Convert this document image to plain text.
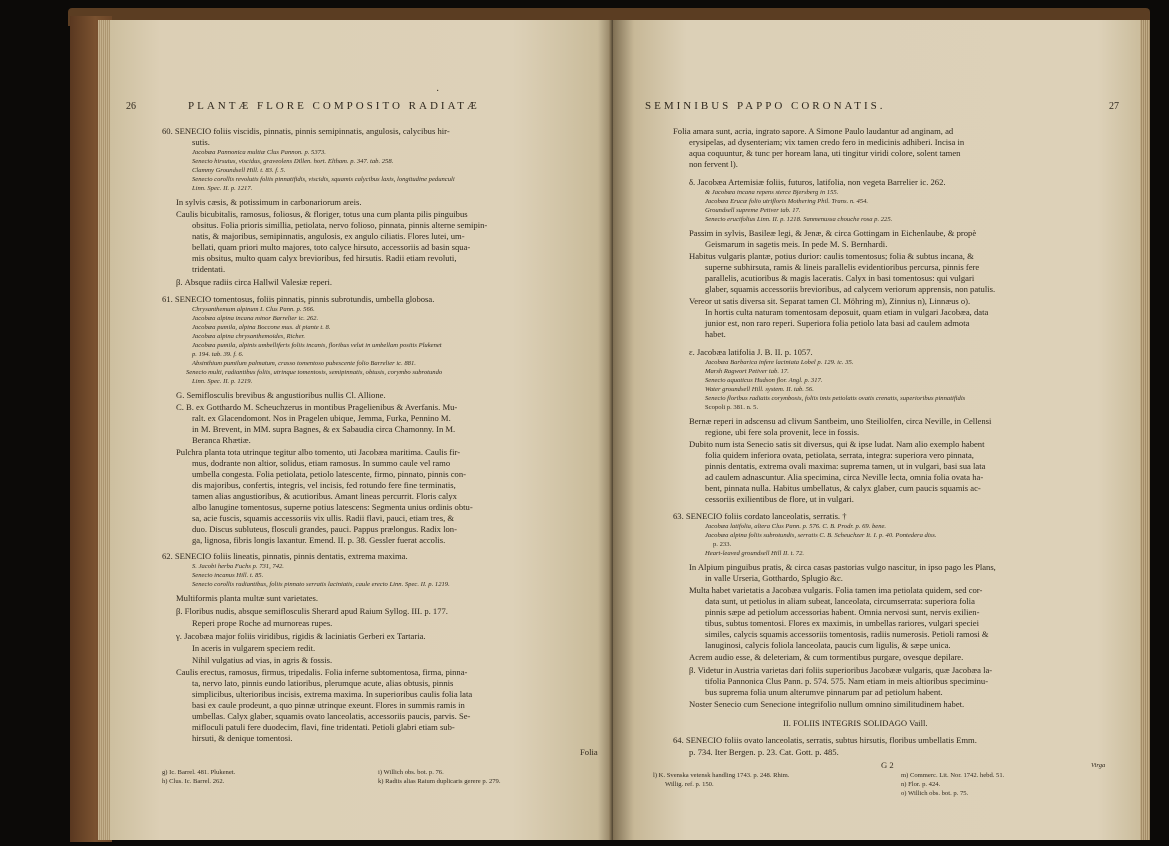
26	PLANTÆ FLORE COMPOSITO RADIATÆ
·
60. SENECIO foliis viscidis, pinnatis, pinnis semipinnatis, angulosis, calycibus hir-
sutis.
Jacobæa Pannonica multiæ Clus Pannon. p. 5373.
Senecio hirsutus, viscidus, graveolens Dillen. hort. Eltham. p. 347. tab. 258.
Clammy Groundsell Hill. t. 83. f. 5.
Senecio corollis revolutis foliis pinnatifidis, viscidis, squamis calycibus laxis, longitudine pedunculi
Linn. Spec. II. p. 1217.
In sylvis cæsis, & potissimum in carbonariorum areis.
Caulis bicubitalis, ramosus, foliosus, & floriger, totus una cum planta pilis pinguibus
obsitus. Folia prioris simillia, petiolata, nervo folioso, pinnata, pinnis alterne semipin-
natis, & majoribus, semipinnatis, angulosis, ex angulo ciliatis. Flores lutei, um-
bellati, quam priori multo majores, toto calyce hirsuto, accessoriis ad basin squa-
mis obsitus, multo quam calyx brevioribus, fed hirsutis. Radii etiam revoluti,
tridentati.
β. Absque radiis circa Hallwil Valesiæ reperi.
61. SENECIO tomentosus, foliis pinnatis, pinnis subrotundis, umbella globosa.
Chrysanthemum alpinum I. Clus Pann. p. 566.
Jacobæa alpina incana minor Barrelier ic. 262.
Jacobæa pumila, alpina Boccone mus. di piante t. 8.
Jacobæa alpina chrysanthemoides, Richer.
Jacobæa pumila, alpinis umbelliferis foliis incanis, floribus velut in umbellam positis Plukenet
p. 194. tab. 39. f. 6.
Absinthium pumilum palmatum, crasso tomentoso pubescente folio Barrelier ic. 881.
Senecio multi, radiantibus foliis, utrinque tomentosis, semipinnatis, obtusis, corymbo subrotundo
Linn. Spec. II. p. 1219.
G. Semiflosculis brevibus & angustioribus nullis Cl. Allione.
C. B. ex Gotthardo M. Scheuchzerus in montibus Pragelienibus & Averfanis. Mu-
ralt. ex Glacendomont. Nos in Pragelen ubique, Jemma, Furka, Pennino M.
in M. Brevent, in MM. supra Bagnes, & ex Sabaudia circa Chamonny. In M.
Beranca Rhætiæ.
Pulchra planta tota utrinque tegitur albo tomento, uti Jacobæa maritima. Caulis fir-
mus, dodrante non altior, solidus, etiam ramosus. In summo caule vel ramo
umbella congesta. Folia petiolata, petiolo latescente, firmo, pinnato, pinnis con-
dis majoribus, confertis, integris, vel incisis, fed rotundo fere fine terminatis,
tamen alias angustioribus, & acutioribus. Amant lineas percurrit. Floris calyx
albo lanugine tomentosus, superne potius latescens: Segmenta unius ordinis obtu-
sa, acie fuscis, squamis accessoriis vix ullis. Radii flavi, pauci, etiam tres, &
duo. Discus subluteus, flosculi grandes, pauci. Pappus prælongus. Radix lon-
ga, lignosa, fibris longis laxantur. Emend. II. p. 38. Gessler fuerat accolis.
62. SENECIO foliis lineatis, pinnatis, pinnis dentatis, extrema maxima.
S. Jacobi herba Fuchs p. 731, 742.
Senecio incanus Hill. t. 85.
Senecio corollis radiantibus, foliis pinnato serratis laciniatis, caule erecto Linn. Spec. II. p. 1219.
Multiformis planta multæ sunt varietates.
β. Floribus nudis, absque semiflosculis Sherard apud Raium Syllog. III. p. 177.
Reperi prope Roche ad murnoreas rupes.
γ. Jacobæa major foliis viridibus, rigidis & laciniatis Gerberi ex Tartaria.
In aceris in vulgarem speciem redit.
Nihil vulgatius ad vias, in agris & fossis.
Caulis erectus, ramosus, firmus, tripedalis. Folia inferne subtomentosa, firma, pinna-
ta, nervo lato, pinnis eundo latioribus, plerumque acute, alias obtusis, pinnis
simplicibus, ulterioribus incisis, extrema maxima. In superioribus caulis folia lata
basi ex caule prodeunt, a quo pinnæ utrinque exeunt. Flores in summis ramis in
umbellas. Calyx glaber, squamis ovato lanceolatis, accessoriis paucis, parvis. Se-
mifloculi patuli fere duodecim, flavi, fine tridentati. Petioli glabri etiam sub-
hirsuti, & denique tomentosi.
Folia
g) Ic. Barrel. 481. Plukenet.
h) Clus. Ic. Barrel. 262.
i) Willich obs. bot. p. 76.
k) Radiis alias Raium duplicaris gerere p. 279.
SEMINIBUS PAPPO CORONATIS.	27
Folia amara sunt, acria, ingrato sapore. A Simone Paulo laudantur ad anginam, ad
erysipelas, ad dysenteriam; vix tamen credo fero in medicinis adhiberi. Incisa in
aqua coquuntur, & tunc per hoream lana, uti tingitur viridi colore, solent tamen
non fervent l).
δ. Jacobæa Artemisiæ foliis, futuros, latifolia, non vegeta Barrelier ic. 262.
& Jacobæa incana repens sterce Bjersberg in 155.
Jacobæa Erucæ folio utrifloris Mothering Phil. Trans. n. 454.
Groundsell supreme Petiver tab. 17.
Senecio erucifolius Linn. II. p. 1218. Sanmenussa chouche rosa p. 225.
Passim in sylvis, Basileæ legi, & Jenæ, & circa Gottingam in Eichenlaube, & propè
Geismarum in sagetis meis. In pede M. S. Bernhardi.
Habitus vulgaris plantæ, potius durior: caulis tomentosus; folia & subtus incana, &
superne subhirsuta, ramis & lineis parallelis evidentioribus percursa, pinnis fere
parallelis, acutioribus & magis laceratis. Calyx in basi tomentosus: qui vulgari
glaber, squamis accessoriis brevioribus, ad calycem veriorum apprensis, non patulis.
Vereor ut satis diversa sit. Separat tamen Cl. Möhring m), Zinnius n), Linnæus o).
In hortis culta naturam tomentosam deposuit, quam etiam in vulgari Jacobæa, data
junior est, non raro reperi. Superiora folia petiolo lata basi ad caulem admota
habet.
ε. Jacobæa latifolia J. B. II. p. 1057.
Jacobæa Barbarica infere laciniata Lobel p. 129. ic. 35.
Marsh Ragwort Petiver tab. 17.
Senecio aquaticus Hudson flor. Angl. p. 317.
Water groundsell Hill. system. II. tab. 56.
Senecio floribus radiatis corymbosis, foliis imis petiolatis ovatis crenatis, superioribus pinnatifidis
Scopoli p. 381. n. 5.
Bernæ reperi in adscensu ad clivum Santbeim, uno Steiliolfen, circa Neville, in Cellensi
regione, ubi fere sola provenit, lece in fossis.
Dubito num ista Senecio satis sit diversus, qui & ipse ludat. Nam alio exemplo habent
folia quidem inferiora ovata, petiolata, serrata, integra: superiora vero pinnata,
pinnis dentatis, extrema ovali maxima: suprema tamen, ut in vulgari, basi sua lata
ad caulem adnascuntur. Alia specimina, circa Neville lecta, omnia folia ovata ha-
bent, pinnata nulla. Habitus umbellatus, & calyx glaber, cum paucis squamis ac-
cessoriis exilientibus de flore, ut in vulgari.
63. SENECIO foliis cordato lanceolatis, serratis. †
Jacobæa latifolia, altera Clus Pann. p. 576. C. B. Prodr. p. 69. bene.
Jacobæa alpina foliis subrotundis, serratis C. B. Scheuchzer It. I. p. 40. Pontedera diss.
p. 233.
Heart-leaved groundsell Hill II. t. 72.
In Alpium pinguibus pratis, & circa casas pastorias vulgo nascitur, in ipso pago les Plans,
in valle Urseria, Gotthardo, Splugio &c.
Multa habet varietatis a Jacobæa vulgaris. Folia tamen ima petiolata quidem, sed cor-
data sunt, ut petiolus in aliam subeat, lanceolata, circumserrata: superiora folia
pinnis sæpe ad petiolum accessorias habent. Omnia nervosi sunt, nervis exilien-
tibus, subtus tomentosi. Flores ex maximis, in umbellas rariores, vulgari speciei
similes, calycis squamis accessoriis tomentosis, radiis numerosis. Petioli ramosi &
lanuginosi, calycis foliola lanceolata, paucis cum ligulis, & sæpe unica.
Acrem audio esse, & deleteriam, & cum tormentibus purgare, ovesque depilare.
β. Videtur in Austria varietas dari foliis superioribus Jacobææ vulgaris, quæ Jacobæa la-
tifolia Pannonica Clus Pann. p. 574. 575. Nam etiam in meis altioribus speciminu-
bus suprema folia unum alterumve pinnarum par ad petiolum habent.
Noster Senecio cum Senecione integrifolio nullum omnino similitudinem habet.
II. FOLIIS INTEGRIS SOLIDAGO Vaill.
64. SENECIO foliis ovato lanceolatis, serratis, subtus hirsutis, floribus umbellatis Emm.
p. 734. Iter Bergen. p. 23. Cat. Gott. p. 485.
G 2	Virga
l) K. Svenska vetensk handling 1743. p. 248. Rhim.
Willig. ref. p. 150.
m) Commerc. Lit. Nor. 1742. hebd. 51.
n) Flor. p. 424.
o) Willich obs. bot. p. 75.
